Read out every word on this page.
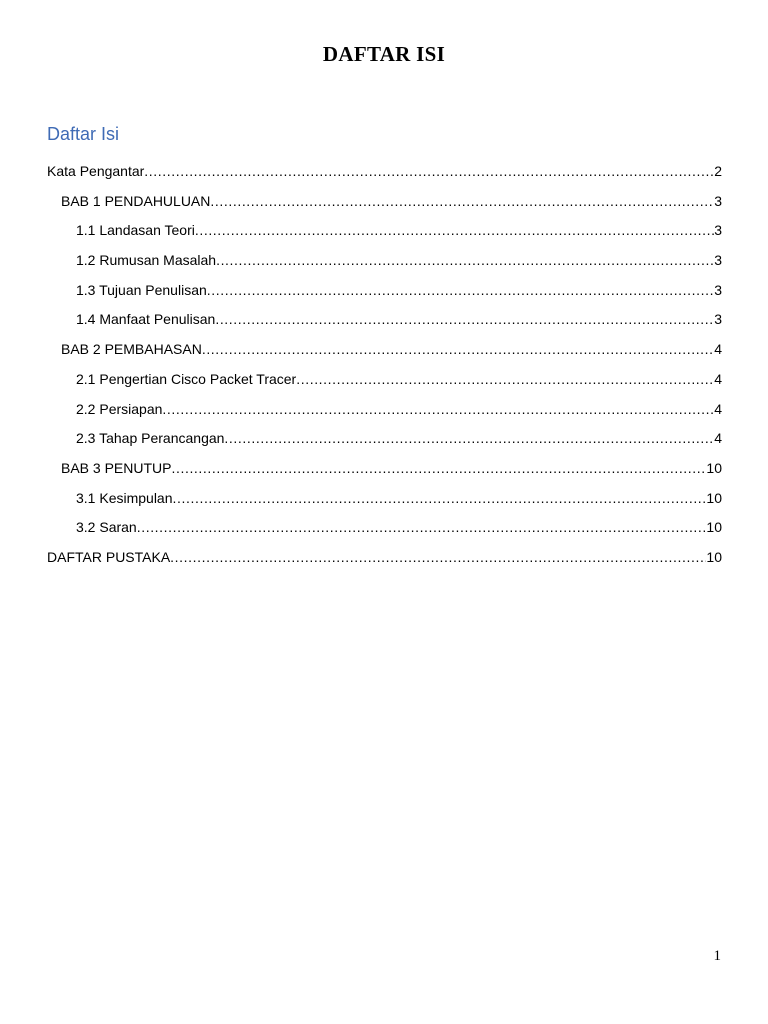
DAFTAR ISI
Daftar Isi
Kata Pengantar .....	2
BAB 1 PENDAHULUAN .....	3
1.1 Landasan Teori .....	3
1.2 Rumusan Masalah .....	3
1.3 Tujuan Penulisan .....	3
1.4 Manfaat Penulisan .....	3
BAB 2 PEMBAHASAN .....	4
2.1 Pengertian Cisco Packet Tracer .....	4
2.2 Persiapan .....	4
2.3 Tahap Perancangan .....	4
BAB 3 PENUTUP .....	10
3.1 Kesimpulan .....	10
3.2 Saran .....	10
DAFTAR PUSTAKA .....	10
1
